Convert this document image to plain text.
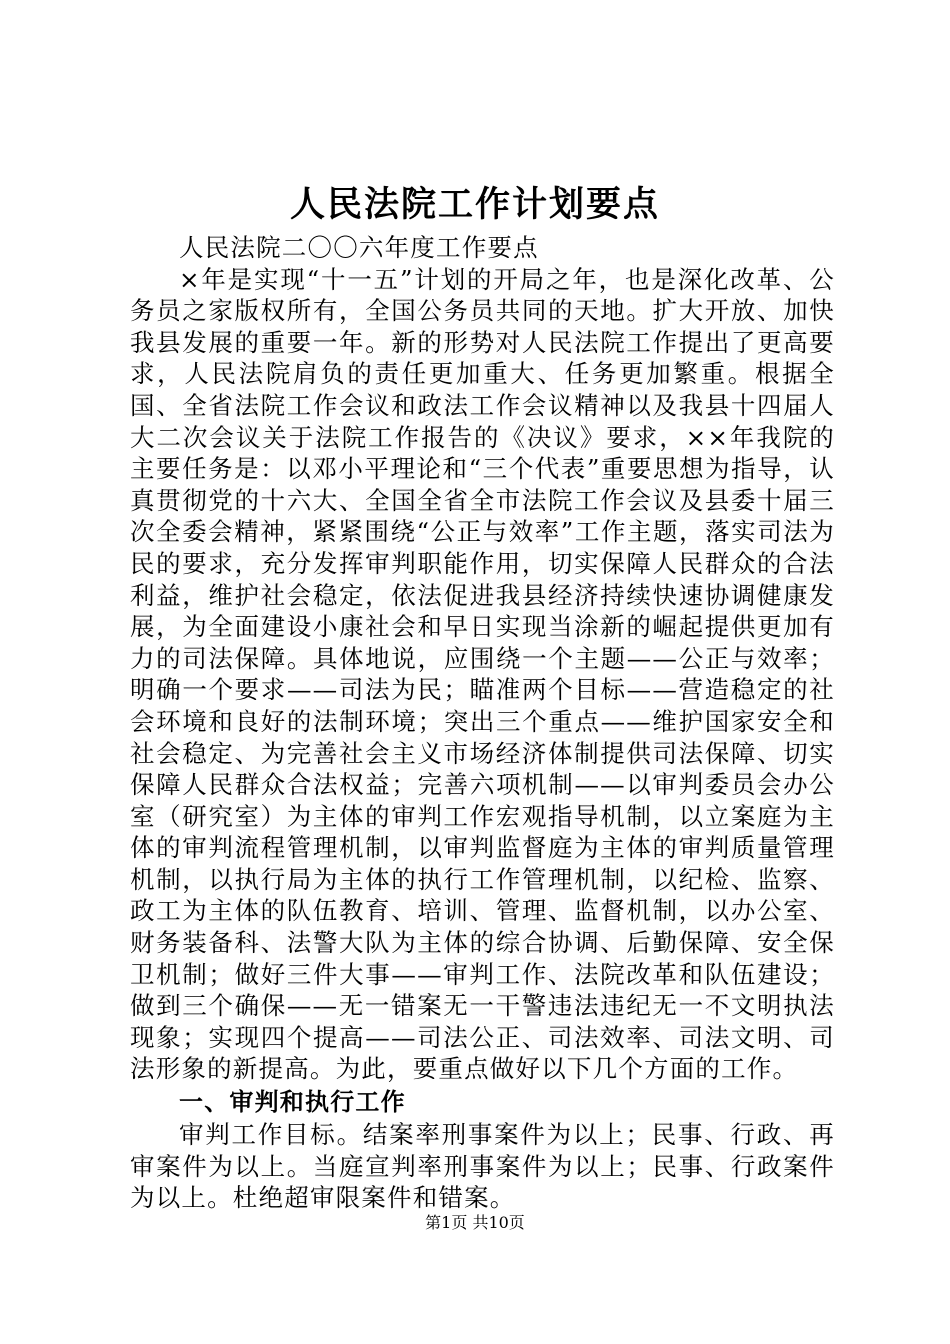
人民法院工作计划要点

人民法院二〇〇六年度工作要点

×年是实现“十一五”计划的开局之年，也是深化改革、公务员之家版权所有，全国公务员共同的天地。扩大开放、加快我县发展的重要一年。新的形势对人民法院工作提出了更高要求，人民法院肩负的责任更加重大、任务更加繁重。根据全国、全省法院工作会议和政法工作会议精神以及我县十四届人大二次会议关于法院工作报告的《决议》要求，××年我院的主要任务是：以邓小平理论和“三个代表”重要思想为指导，认真贯彻党的十六大、全国全省全市法院工作会议及县委十届三次全委会精神，紧紧围绕“公正与效率”工作主题，落实司法为民的要求，充分发挥审判职能作用，切实保障人民群众的合法利益，维护社会稳定，依法促进我县经济持续快速协调健康发展，为全面建设小康社会和早日实现当涂新的崛起提供更加有力的司法保障。具体地说，应围绕一个主题——公正与效率；明确一个要求——司法为民；瞄准两个目标——营造稳定的社会环境和良好的法制环境；突出三个重点——维护国家安全和社会稳定、为完善社会主义市场经济体制提供司法保障、切实保障人民群众合法权益；完善六项机制——以审判委员会办公室（研究室）为主体的审判工作宏观指导机制，以立案庭为主体的审判流程管理机制，以审判监督庭为主体的审判质量管理机制，以执行局为主体的执行工作管理机制，以纪检、监察、政工为主体的队伍教育、培训、管理、监督机制，以办公室、财务装备科、法警大队为主体的综合协调、后勤保障、安全保卫机制；做好三件大事——审判工作、法院改革和队伍建设；做到三个确保——无一错案无一干警违法违纪无一不文明执法现象；实现四个提高——司法公正、司法效率、司法文明、司法形象的新提高。为此，要重点做好以下几个方面的工作。

一、审判和执行工作

审判工作目标。结案率刑事案件为以上；民事、行政、再审案件为以上。当庭宣判率刑事案件为以上；民事、行政案件为以上。杜绝超审限案件和错案。

第1页 共10页
